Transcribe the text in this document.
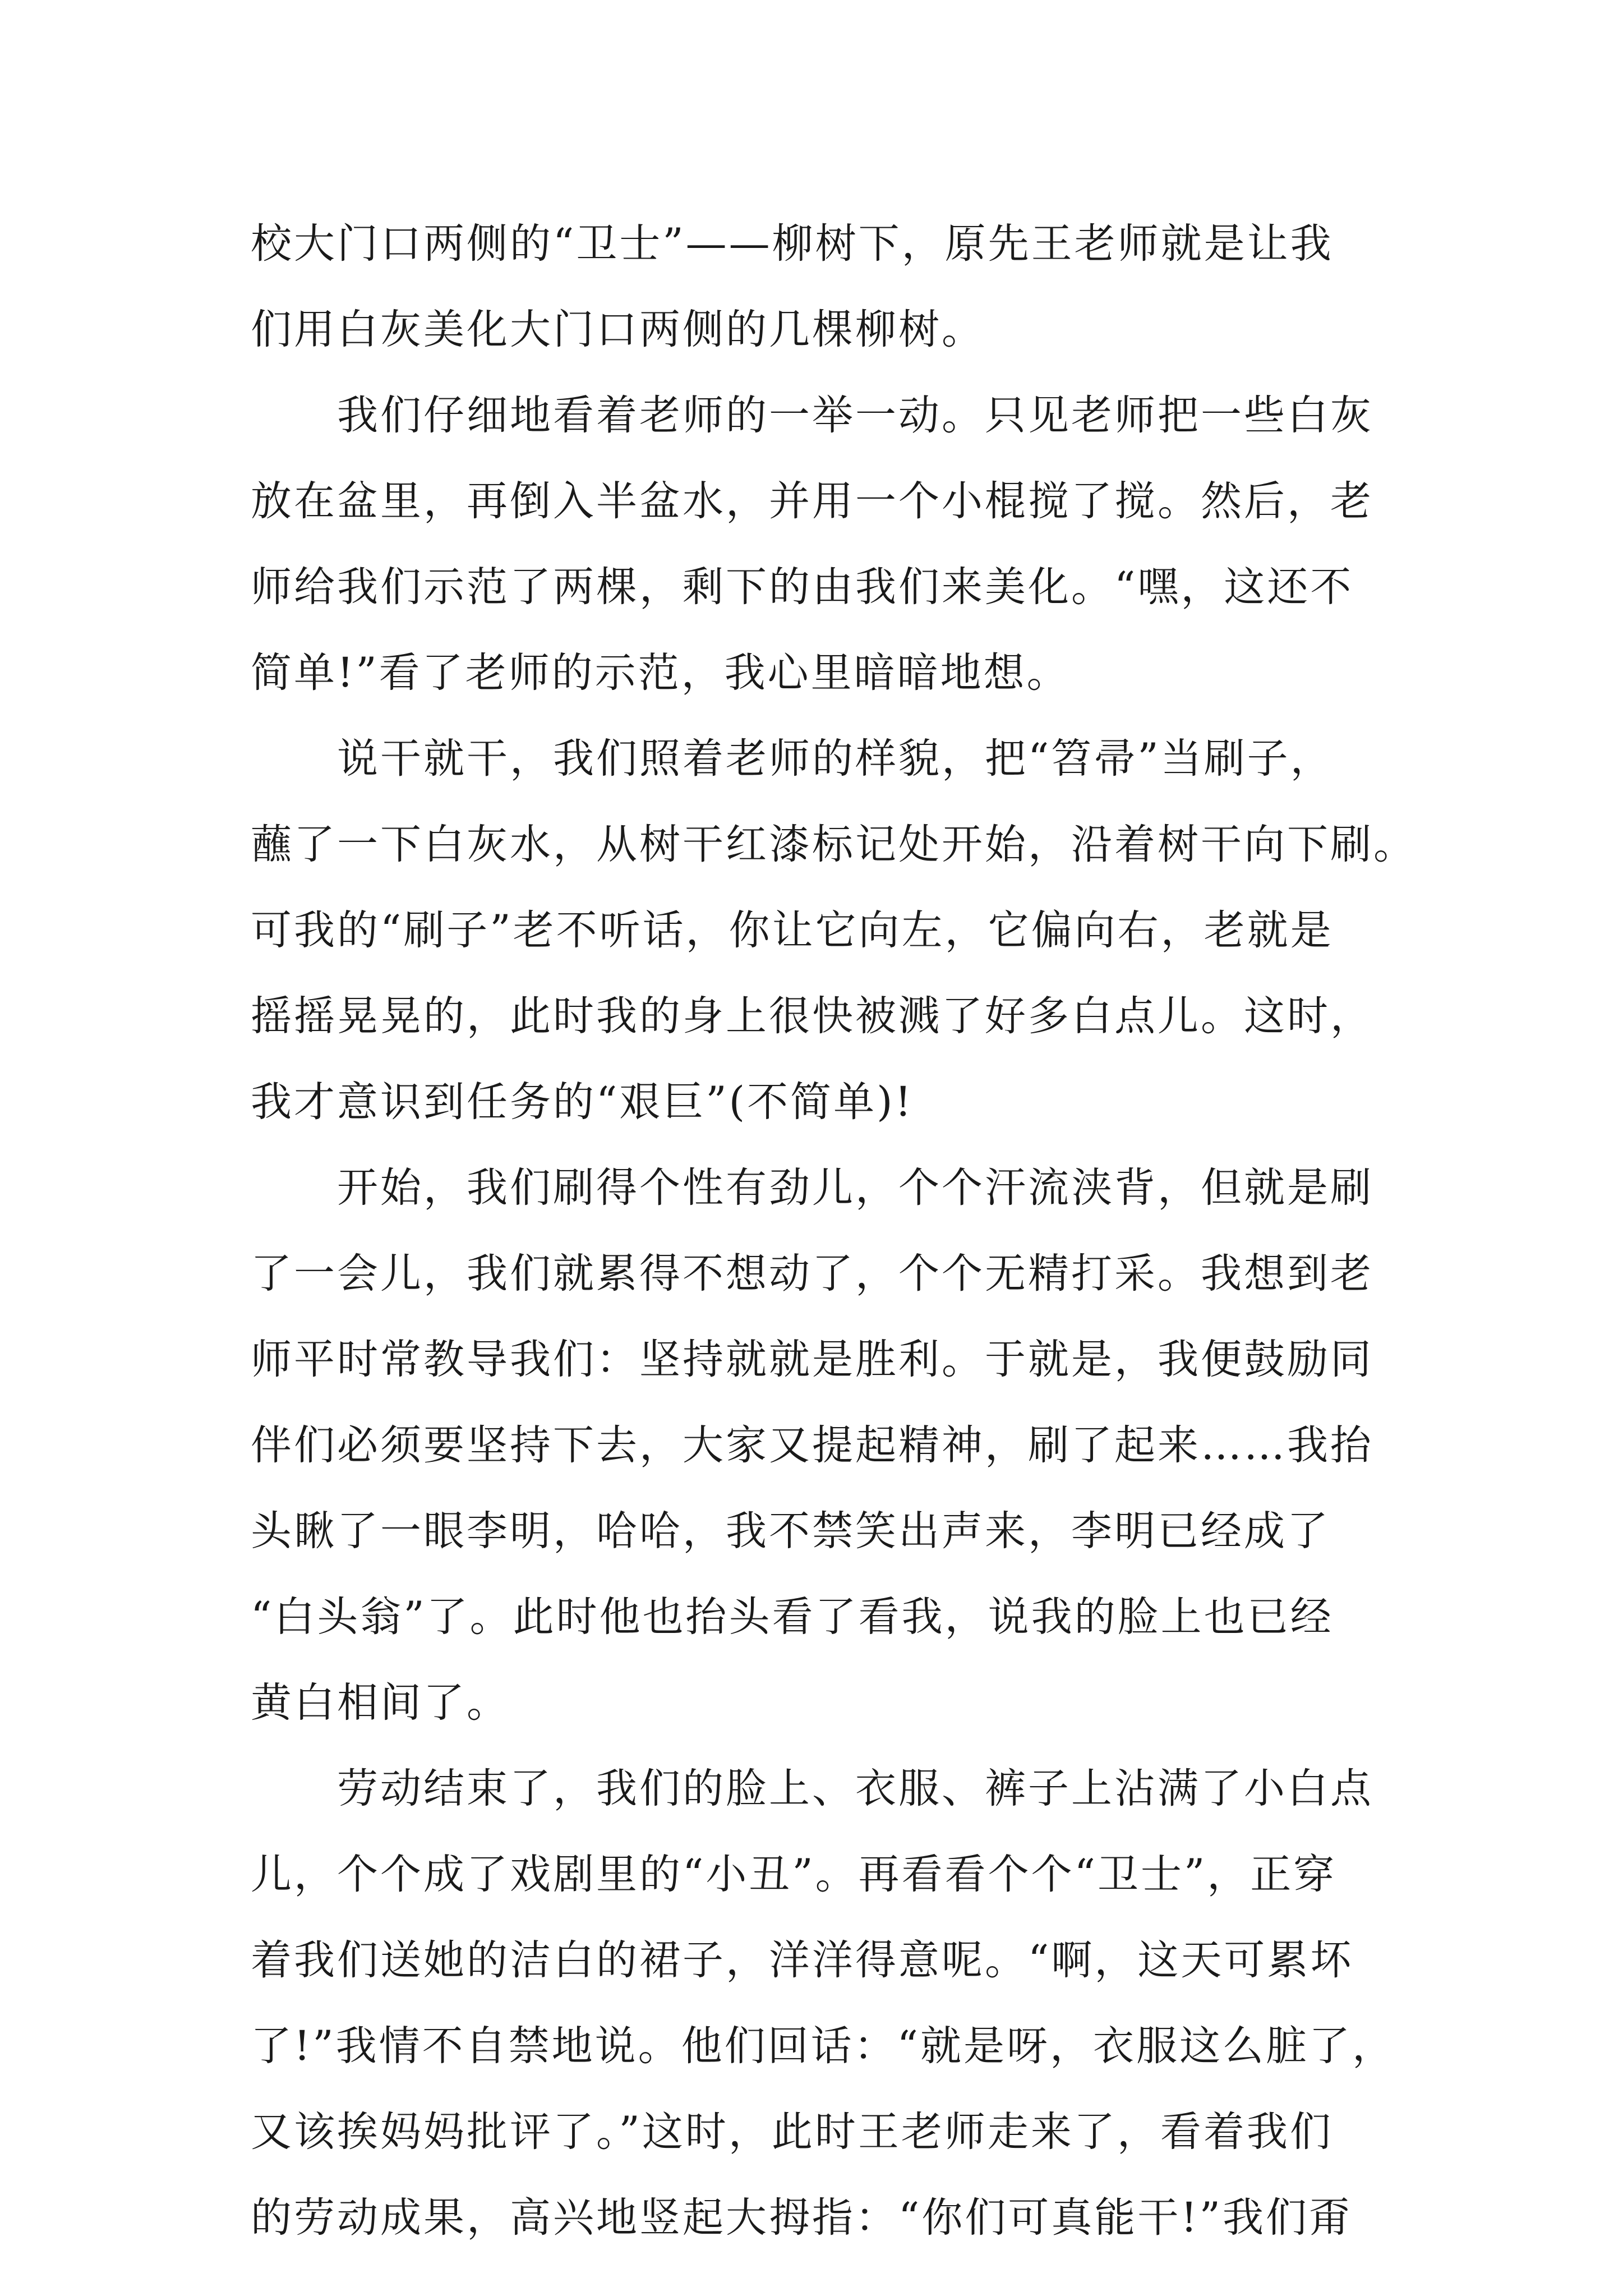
校大门口两侧的“卫士”——柳树下，原先王老师就是让我
们用白灰美化大门口两侧的几棵柳树。
我们仔细地看着老师的一举一动。只见老师把一些白灰
放在盆里，再倒入半盆水，并用一个小棍搅了搅。然后，老
师给我们示范了两棵，剩下的由我们来美化。“嘿，这还不
简单!”看了老师的示范，我心里暗暗地想。
说干就干，我们照着老师的样貌，把“笤帚”当刷子，
蘸了一下白灰水，从树干红漆标记处开始，沿着树干向下刷。
可我的“刷子”老不听话，你让它向左，它偏向右，老就是
摇摇晃晃的，此时我的身上很快被溅了好多白点儿。这时，
我才意识到任务的“艰巨”(不简单)!
开始，我们刷得个性有劲儿，个个汗流浃背，但就是刷
了一会儿，我们就累得不想动了，个个无精打采。我想到老
师平时常教导我们：坚持就就是胜利。于就是，我便鼓励同
伴们必须要坚持下去，大家又提起精神，刷了起来……我抬
头瞅了一眼李明，哈哈，我不禁笑出声来，李明已经成了
“白头翁”了。此时他也抬头看了看我，说我的脸上也已经
黄白相间了。
劳动结束了，我们的脸上、衣服、裤子上沾满了小白点
儿，个个成了戏剧里的“小丑”。再看看个个“卫士”，正穿
着我们送她的洁白的裙子，洋洋得意呢。“啊，这天可累坏
了!”我情不自禁地说。他们回话：“就是呀，衣服这么脏了，
又该挨妈妈批评了。”这时，此时王老师走来了，看着我们
的劳动成果，高兴地竖起大拇指：“你们可真能干!”我们甭
